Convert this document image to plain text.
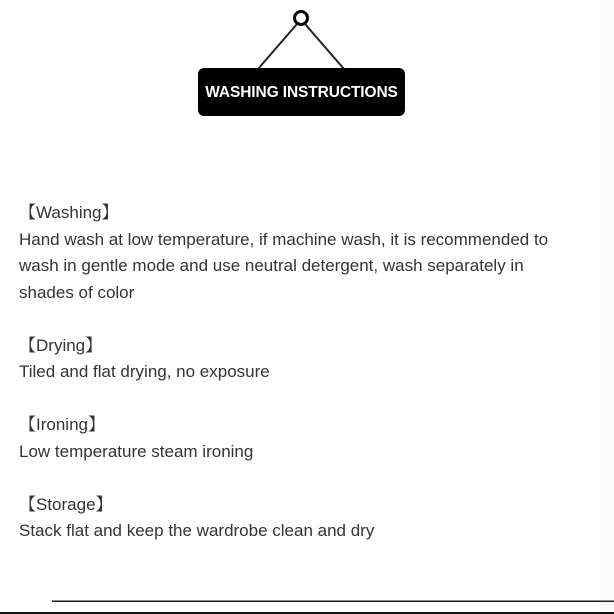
WASHING INSTRUCTIONS
【Washing】
Hand wash at low temperature, if machine wash, it is recommended to wash in gentle mode and use neutral detergent, wash separately in shades of color
【Drying】
Tiled and flat drying, no exposure
【Ironing】
Low temperature steam ironing
【Storage】
Stack flat and keep the wardrobe clean and dry
